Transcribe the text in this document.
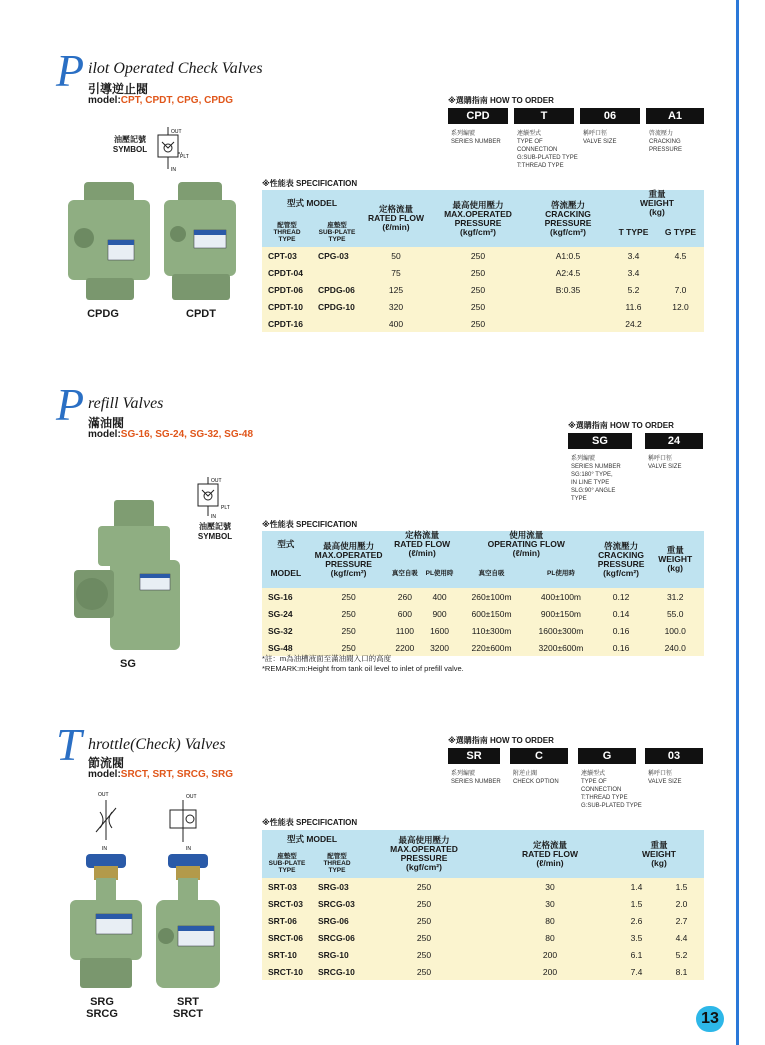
P ilot Operated Check Valves
引導逆止閥
model:CPT, CPDT, CPG, CPDG
油壓記號
SYMBOL
OUT
PLT
IN
CPDG	CPDT
※選購指南 HOW TO ORDER
CPD
系列編號
SERIES NUMBER
T
連續型式
TYPE OF
CONNECTION
G:SUB-PLATED TYPE
T:THREAD TYPE
06
稱呼口徑
VALVE SIZE
A1
啓流壓力
CRACKING
PRESSURE
※性能表 SPECIFICATION
型式 MODEL		定格流量
RATED FLOW
(ℓ/min)	最高使用壓力
MAX.OPERATED
PRESSURE
(kgf/cm²)	啓流壓力
CRACKING
PRESSURE
(kgf/cm²)	重量
WEIGHT
(kg)	
配管型
THREAD
TYPE	座墊型
SUB-PLATE
TYPE				T TYPE	G TYPE
CPT-03	CPG-03	50	250	A1:0.5	3.4	4.5
CPDT-04		75	250	A2:4.5	3.4	
CPDT-06	CPDG-06	125	250	B:0.35	5.2	7.0
CPDT-10	CPDG-10	320	250		11.6	12.0
CPDT-16		400	250		24.2	
P refill Valves
滿油閥
model:SG-16, SG-24, SG-32, SG-48
OUT
PLT
IN
油壓記號
SYMBOL
SG
※選購指南 HOW TO ORDER
SG
系列編號
SERIES NUMBER
SG:180° TYPE,
IN LINE TYPE
SLG:90° ANGLE
TYPE
24
稱呼口徑
VALVE SIZE
※性能表 SPECIFICATION
型式	最高使用壓力
MAX.OPERATED
PRESSURE
(kgf/cm²)	定格流量
RATED FLOW
(ℓ/min)		使用流量
OPERATING FLOW
(ℓ/min)		啓流壓力
CRACKING
PRESSURE
(kgf/cm²)	重量
WEIGHT
(kg)
MODEL		真空自吸	PL使用時	真空自吸	PL使用時		
SG-16	250	260	400	260±100m	400±100m	0.12	31.2
SG-24	250	600	900	600±150m	900±150m	0.14	55.0
SG-32	250	1100	1600	110±300m	1600±300m	0.16	100.0
SG-48	250	2200	3200	220±600m	3200±600m	0.16	240.0
*註：m為油槽液面至滿油閥入口的高度
*REMARK:m:Height from tank oil level to inlet of prefill valve.
T hrottle(Check) Valves
節流閥
model:SRCT, SRT, SRCG, SRG
OUT
IN
OUT
IN
SRG
SRCG
SRT
SRCT
※選購指南 HOW TO ORDER
SR
系列編號
SERIES NUMBER
C
附逆止閥
CHECK OPTION
G
連續型式
TYPE OF
CONNECTION
T:THREAD TYPE
G:SUB-PLATED TYPE
03
稱呼口徑
VALVE SIZE
※性能表 SPECIFICATION
型式 MODEL		最高使用壓力
MAX.OPERATED
PRESSURE
(kgf/cm²)	定格流量
RATED FLOW
(ℓ/min)	重量
WEIGHT
(kg)	
座墊型
SUB-PLATE
TYPE	配管型
THREAD
TYPE				
SRT-03	SRG-03	250	30	1.4	1.5
SRCT-03	SRCG-03	250	30	1.5	2.0
SRT-06	SRG-06	250	80	2.6	2.7
SRCT-06	SRCG-06	250	80	3.5	4.4
SRT-10	SRG-10	250	200	6.1	5.2
SRCT-10	SRCG-10	250	200	7.4	8.1
13
